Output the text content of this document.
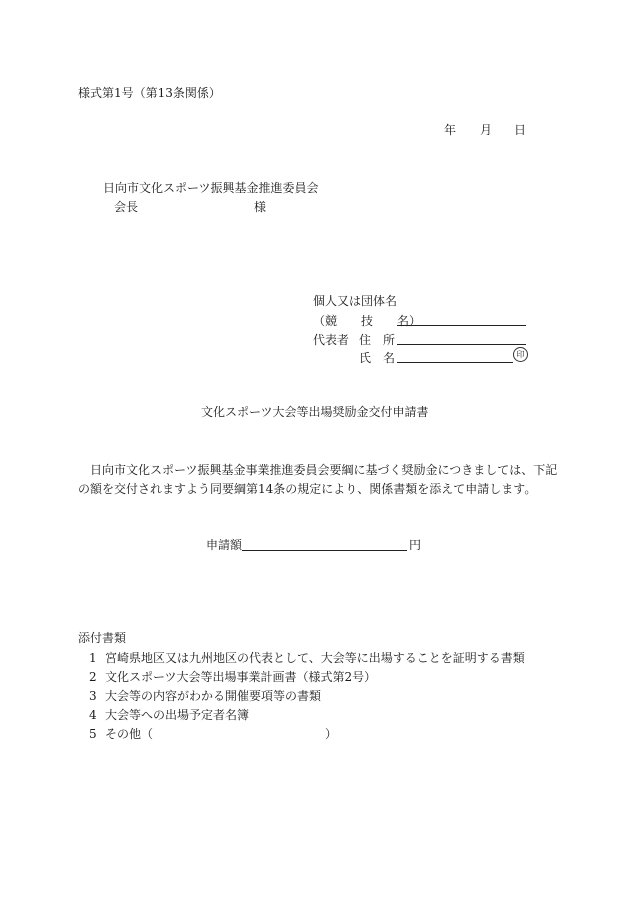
様式第1号（第13条関係）
年 月 日
日向市文化スポーツ振興基金推進委員会
会長	様
個人又は団体名
（競　　技　　名）
代表者 住　所
氏　名	印
文化スポーツ大会等出場奨励金交付申請書
日向市文化スポーツ振興基金事業推進委員会要綱に基づく奨励金につきましては、下記の額を交付されますよう同要綱第14条の規定により、関係書類を添えて申請します。
申請額	円
添付書類
1 宮崎県地区又は九州地区の代表として、大会等に出場することを証明する書類
2 文化スポーツ大会等出場事業計画書（様式第2号）
3 大会等の内容がわかる開催要項等の書類
4 大会等への出場予定者名簿
5 その他（	）
